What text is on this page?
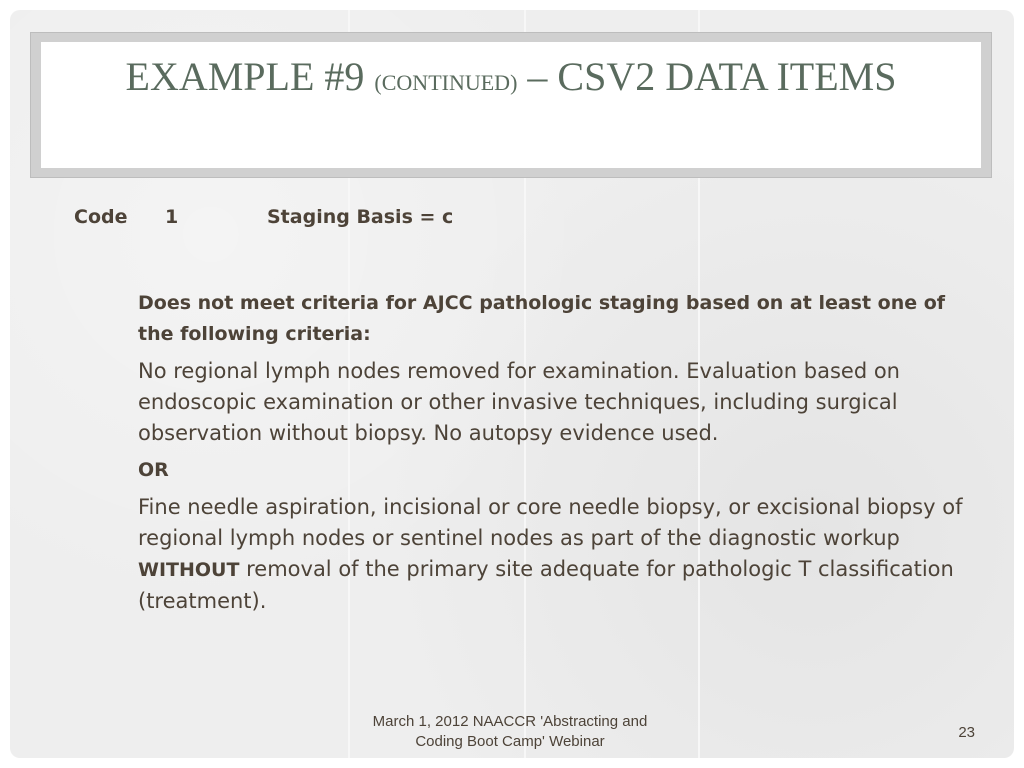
EXAMPLE #9 (CONTINUED) – CSV2 DATA ITEMS
Code 1	Staging Basis = c

Does not meet criteria for AJCC pathologic staging based on at least one of the following criteria:

No regional lymph nodes removed for examination. Evaluation based on endoscopic examination or other invasive techniques, including surgical observation without biopsy. No autopsy evidence used.

OR

Fine needle aspiration, incisional or core needle biopsy, or excisional biopsy of regional lymph nodes or sentinel nodes as part of the diagnostic workup WITHOUT removal of the primary site adequate for pathologic T classification (treatment).

March 1, 2012 NAACCR 'Abstracting and Coding Boot Camp' Webinar
23
